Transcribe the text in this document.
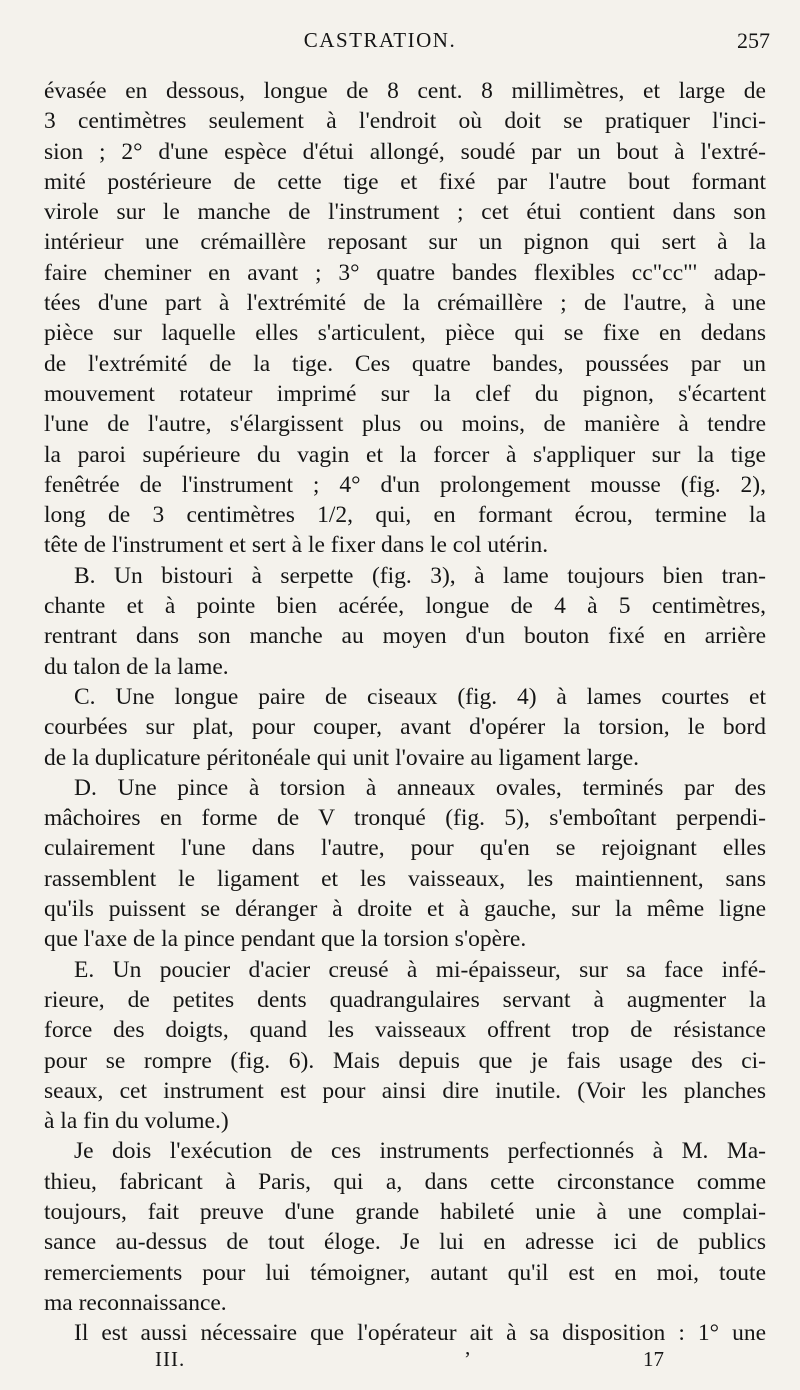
CASTRATION.	257
évasée en dessous, longue de 8 cent. 8 millimètres, et large de
3 centimètres seulement à l'endroit où doit se pratiquer l'inci-
sion ; 2° d'une espèce d'étui allongé, soudé par un bout à l'extré-
mité postérieure de cette tige et fixé par l'autre bout formant
virole sur le manche de l'instrument ; cet étui contient dans son
intérieur une crémaillère reposant sur un pignon qui sert à la
faire cheminer en avant ; 3° quatre bandes flexibles cc"cc"' adap-
tées d'une part à l'extrémité de la crémaillère ; de l'autre, à une
pièce sur laquelle elles s'articulent, pièce qui se fixe en dedans
de l'extrémité de la tige. Ces quatre bandes, poussées par un
mouvement rotateur imprimé sur la clef du pignon, s'écartent
l'une de l'autre, s'élargissent plus ou moins, de manière à tendre
la paroi supérieure du vagin et la forcer à s'appliquer sur la tige
fenêtrée de l'instrument ; 4° d'un prolongement mousse (fig. 2),
long de 3 centimètres 1/2, qui, en formant écrou, termine la
tête de l'instrument et sert à le fixer dans le col utérin.
B. Un bistouri à serpette (fig. 3), à lame toujours bien tran-
chante et à pointe bien acérée, longue de 4 à 5 centimètres,
rentrant dans son manche au moyen d'un bouton fixé en arrière
du talon de la lame.
C. Une longue paire de ciseaux (fig. 4) à lames courtes et
courbées sur plat, pour couper, avant d'opérer la torsion, le bord
de la duplicature péritonéale qui unit l'ovaire au ligament large.
D. Une pince à torsion à anneaux ovales, terminés par des
mâchoires en forme de V tronqué (fig. 5), s'emboîtant perpendi-
culairement l'une dans l'autre, pour qu'en se rejoignant elles
rassemblent le ligament et les vaisseaux, les maintiennent, sans
qu'ils puissent se déranger à droite et à gauche, sur la même ligne
que l'axe de la pince pendant que la torsion s'opère.
E. Un poucier d'acier creusé à mi-épaisseur, sur sa face infé-
rieure, de petites dents quadrangulaires servant à augmenter la
force des doigts, quand les vaisseaux offrent trop de résistance
pour se rompre (fig. 6). Mais depuis que je fais usage des ci-
seaux, cet instrument est pour ainsi dire inutile. (Voir les planches
à la fin du volume.)
Je dois l'exécution de ces instruments perfectionnés à M. Ma-
thieu, fabricant à Paris, qui a, dans cette circonstance comme
toujours, fait preuve d'une grande habileté unie à une complai-
sance au-dessus de tout éloge. Je lui en adresse ici de publics
remerciements pour lui témoigner, autant qu'il est en moi, toute
ma reconnaissance.
Il est aussi nécessaire que l'opérateur ait à sa disposition : 1° une
III.	’	17
